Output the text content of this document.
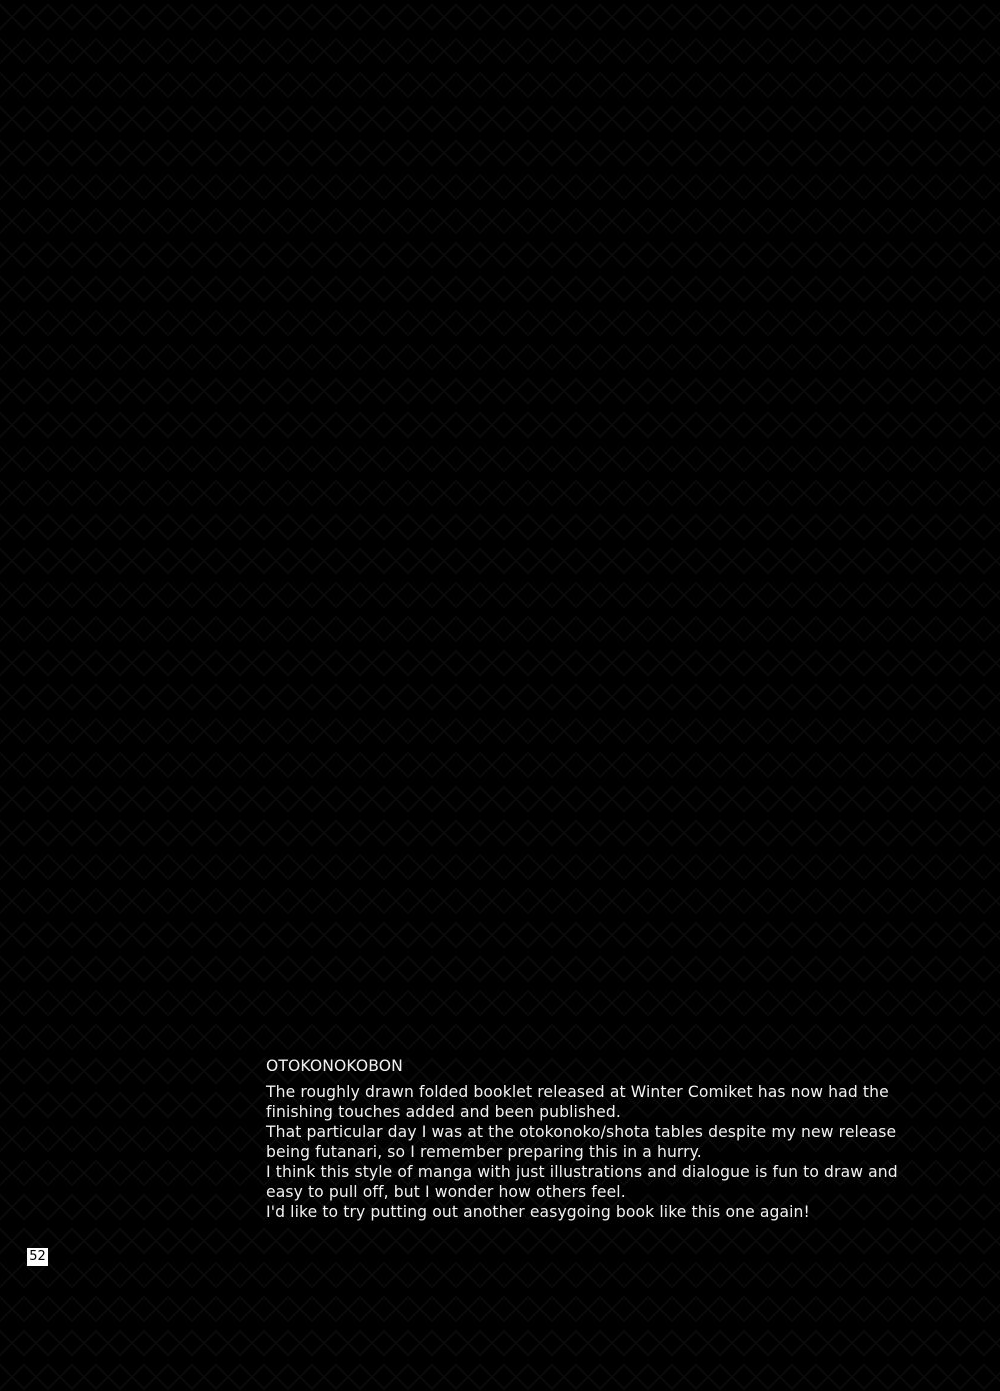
OTOKONOKOBON

The roughly drawn folded booklet released at Winter Comiket has now had the

finishing touches added and been published.

That particular day I was at the otokonoko/shota tables despite my new release

being futanari, so I remember preparing this in a hurry.

I think this style of manga with just illustrations and dialogue is fun to draw and

easy to pull off, but I wonder how others feel.

I'd like to try putting out another easygoing book like this one again!

52
